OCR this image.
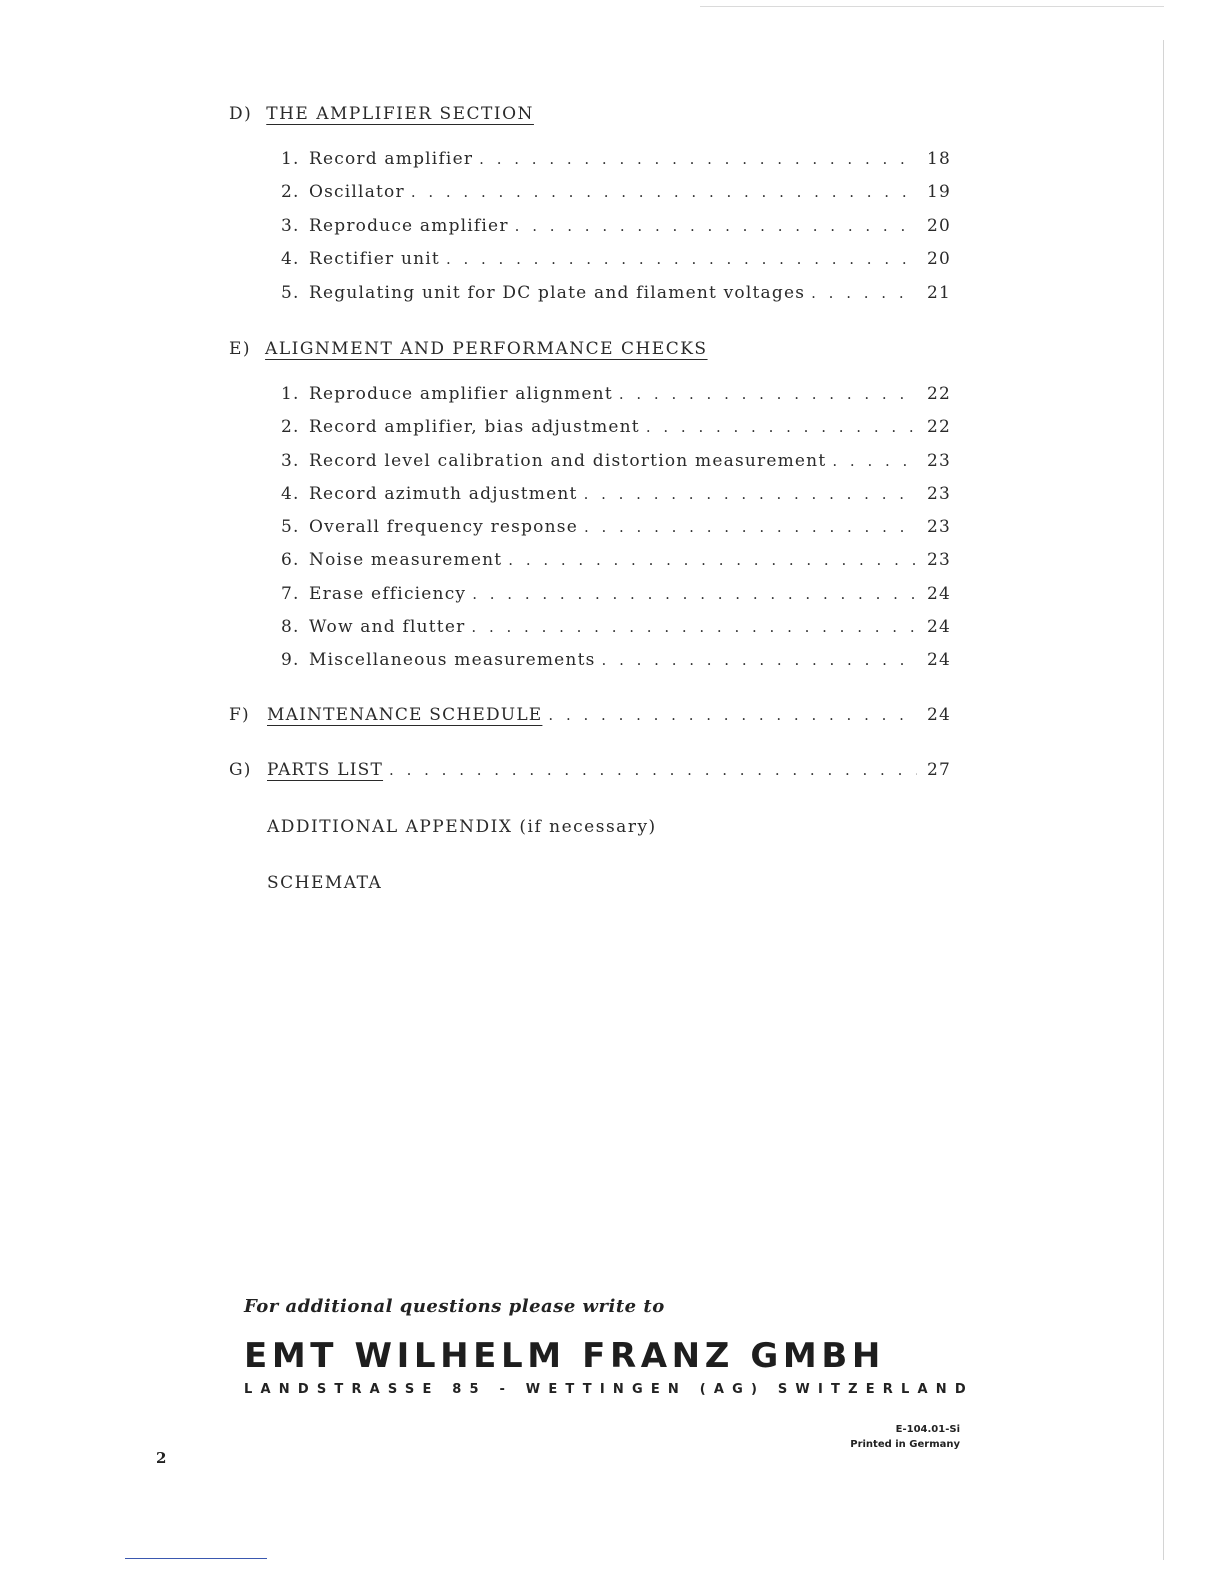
D) THE AMPLIFIER SECTION
1. Record amplifier . . .	18
2. Oscillator . . .	19
3. Reproduce amplifier . . .	20
4. Rectifier unit . . .	20
5. Regulating unit for DC plate and filament voltages . . .	21
E) ALIGNMENT AND PERFORMANCE CHECKS
1. Reproduce amplifier alignment . . .	22
2. Record amplifier, bias adjustment . . .	22
3. Record level calibration and distortion measurement . . .	23
4. Record azimuth adjustment . . .	23
5. Overall frequency response . . .	23
6. Noise measurement . . .	23
7. Erase efficiency . . .	24
8. Wow and flutter . . .	24
9. Miscellaneous measurements . . .	24
F)	MAINTENANCE SCHEDULE . . .	24
G) PARTS LIST . . .	27
ADDITIONAL APPENDIX (if necessary)
SCHEMATA
For additional questions please write to
EMT WILHELM FRANZ GMBH
LANDSTRASSE 85 - WETTINGEN (AG) SWITZERLAND
E-104.01-Si
Printed in Germany
2
